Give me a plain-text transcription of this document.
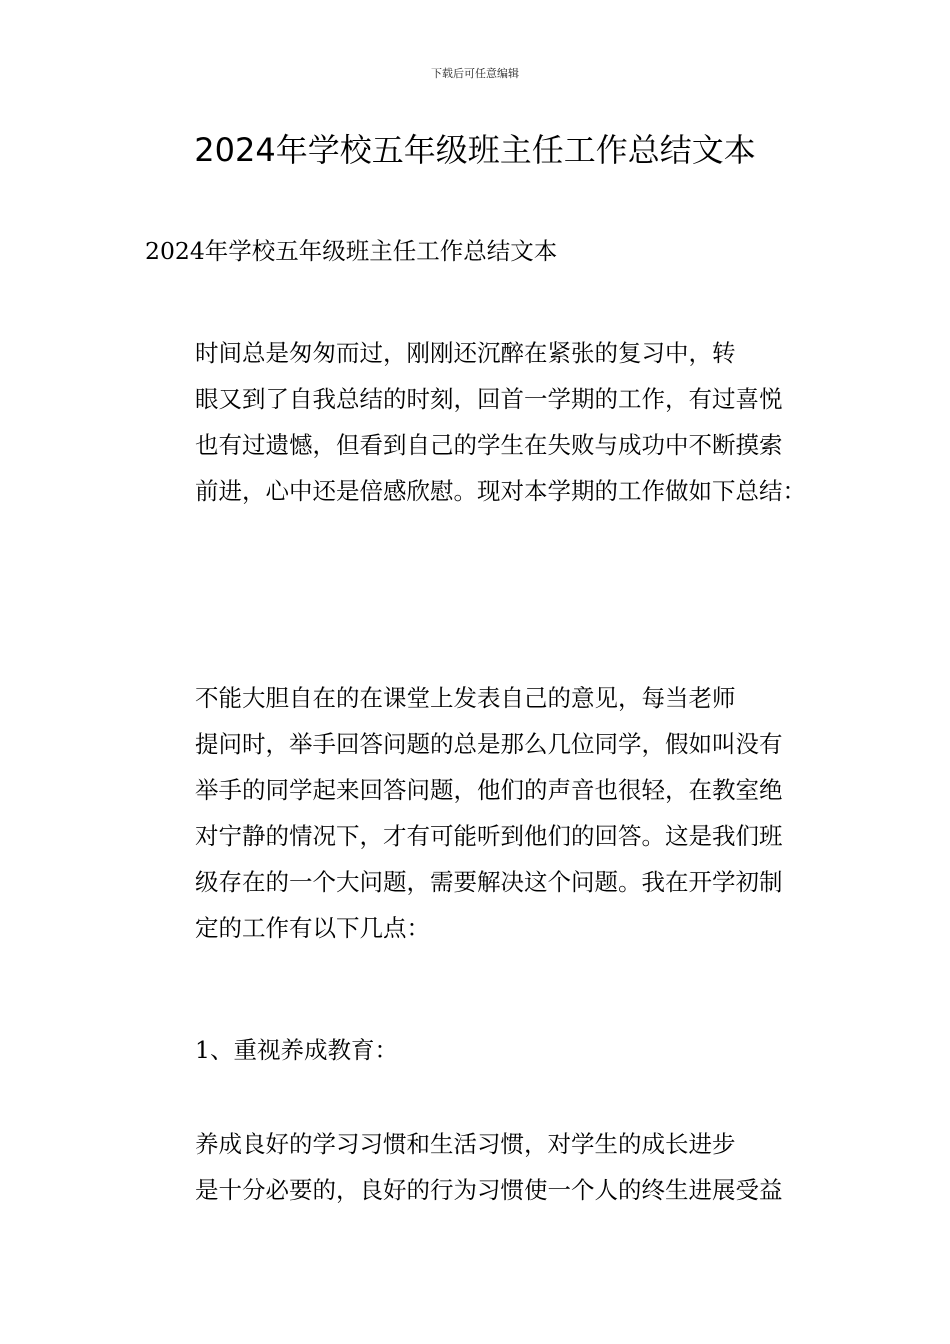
下载后可任意编辑
2024年学校五年级班主任工作总结文本

2024年学校五年级班主任工作总结文本

时间总是匆匆而过，刚刚还沉醉在紧张的复习中，转
眼又到了自我总结的时刻，回首一学期的工作，有过喜悦
也有过遗憾，但看到自己的学生在失败与成功中不断摸索
前进，心中还是倍感欣慰。现对本学期的工作做如下总结：

不能大胆自在的在课堂上发表自己的意见，每当老师
提问时，举手回答问题的总是那么几位同学，假如叫没有
举手的同学起来回答问题，他们的声音也很轻，在教室绝
对宁静的情况下，才有可能听到他们的回答。这是我们班
级存在的一个大问题，需要解决这个问题。我在开学初制
定的工作有以下几点：

1、重视养成教育：

养成良好的学习习惯和生活习惯，对学生的成长进步
是十分必要的，良好的行为习惯使一个人的终生进展受益
